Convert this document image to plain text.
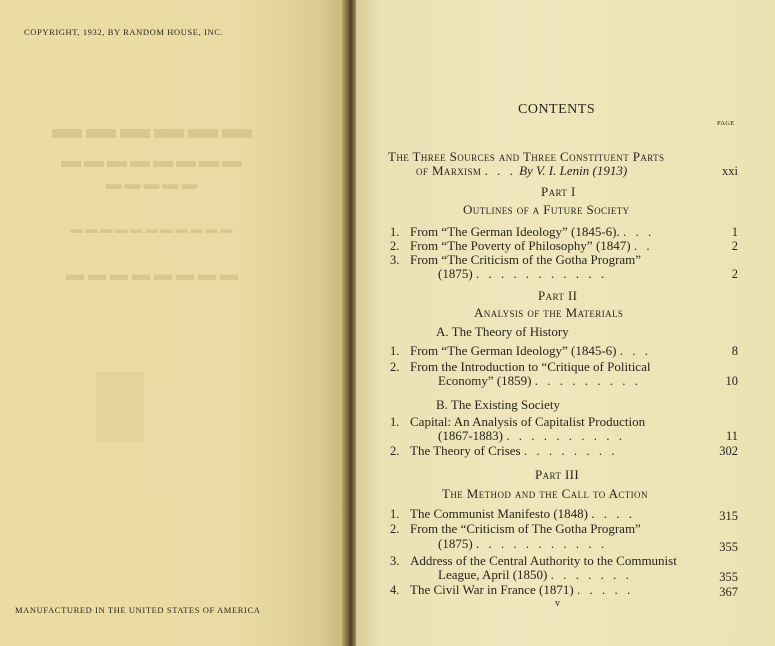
▬▬▬▬▬▬
▬▬▬▬▬▬▬▬
▬▬▬▬▬
▬▬▬▬▬▬▬▬▬▬▬
▬▬▬▬▬▬▬▬
COPYRIGHT, 1932, BY RANDOM HOUSE, INC.
MANUFACTURED IN THE UNITED STATES OF AMERICA
CONTENTS
PAGE
The Three Sources and Three Constituent Parts
of Marxism . . . By V. I. Lenin (1913)	xxi
Part I
Outlines of a Future Society
1. From “The German Ideology” (1845-6). . . .	1
2. From “The Poverty of Philosophy” (1847) . .	2
3. From “The Criticism of the Gotha Program”
(1875) . . . . . . . . . . .	2
Part II
Analysis of the Materials
A. The Theory of History
1. From “The German Ideology” (1845-6) . . .	8
2. From the Introduction to “Critique of Political
Economy” (1859) . . . . . . . . .	10
B. The Existing Society
1. Capital: An Analysis of Capitalist Production
(1867-1883) . . . . . . . . . .	11
2. The Theory of Crises . . . . . . . .	302
Part III
The Method and the Call to Action
1. The Communist Manifesto (1848) . . . .	315
2. From the “Criticism of The Gotha Program”
(1875) . . . . . . . . . . .	355
3. Address of the Central Authority to the Communist
League, April (1850) . . . . . . .	355
4. The Civil War in France (1871) . . . . .	367
v
